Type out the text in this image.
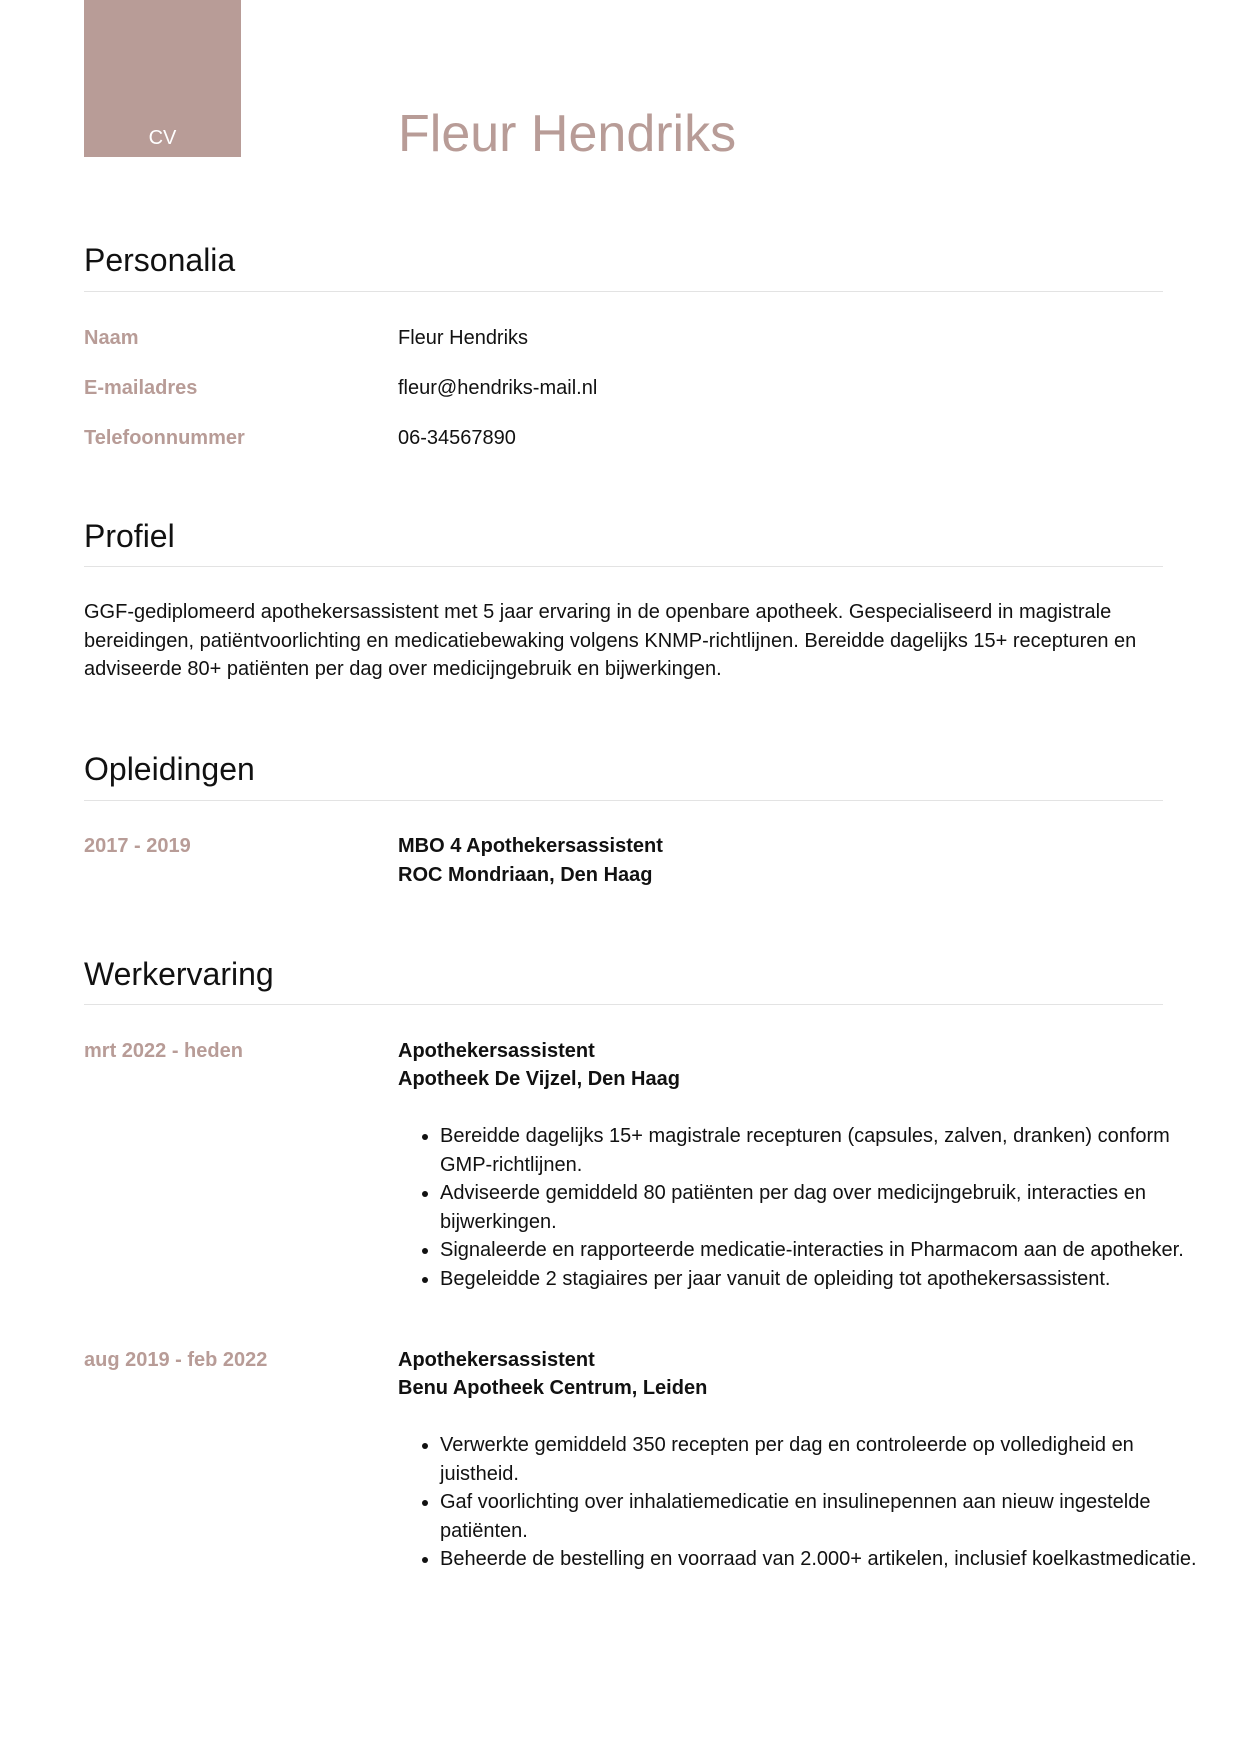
CV	Fleur Hendriks
Personalia
Naam	Fleur Hendriks
E-mailadres	fleur@hendriks-mail.nl
Telefoonnummer	06-34567890
Profiel
GGF-gediplomeerd apothekersassistent met 5 jaar ervaring in de openbare apotheek. Gespecialiseerd in magistrale bereidingen, patiëntvoorlichting en medicatiebewaking volgens KNMP-richtlijnen. Bereidde dagelijks 15+ recepturen en adviseerde 80+ patiënten per dag over medicijngebruik en bijwerkingen.
Opleidingen
2017 - 2019	MBO 4 Apothekersassistent
ROC Mondriaan, Den Haag
Werkervaring
mrt 2022 - heden	Apothekersassistent
Apotheek De Vijzel, Den Haag
• Bereidde dagelijks 15+ magistrale recepturen (capsules, zalven, dranken) conform GMP-richtlijnen.
• Adviseerde gemiddeld 80 patiënten per dag over medicijngebruik, interacties en bijwerkingen.
• Signaleerde en rapporteerde medicatie-interacties in Pharmacom aan de apotheker.
• Begeleidde 2 stagiaires per jaar vanuit de opleiding tot apothekersassistent.
aug 2019 - feb 2022	Apothekersassistent
Benu Apotheek Centrum, Leiden
• Verwerkte gemiddeld 350 recepten per dag en controleerde op volledigheid en juistheid.
• Gaf voorlichting over inhalatiemedicatie en insulinepennen aan nieuw ingestelde patiënten.
• Beheerde de bestelling en voorraad van 2.000+ artikelen, inclusief koelkastmedicatie.
